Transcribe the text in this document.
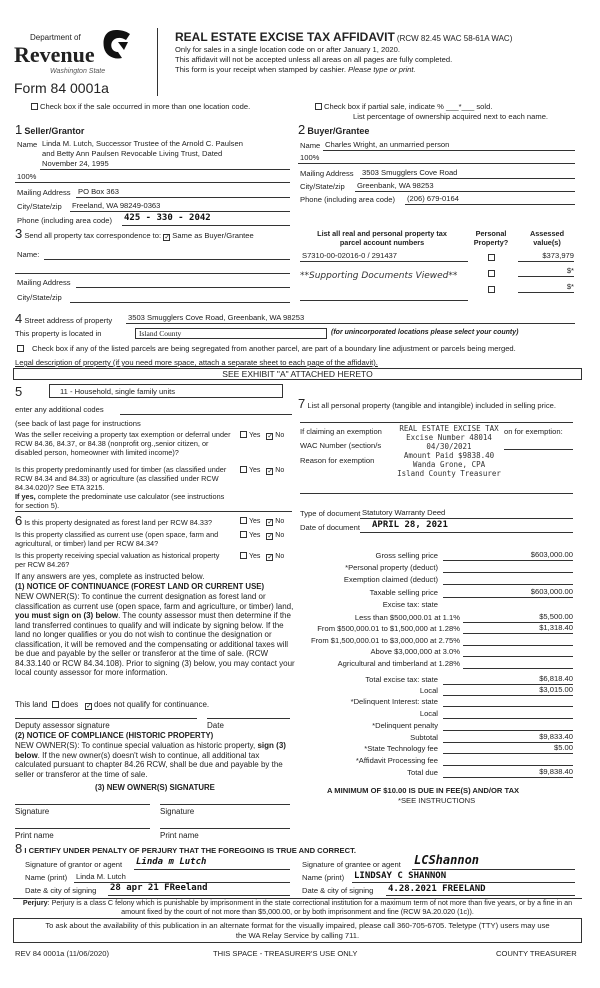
Department of
Revenue
Washington State
Form 84 0001a
REAL ESTATE EXCISE TAX AFFIDAVIT (RCW 82.45 WAC 58-61A WAC)
Only for sales in a single location code on or after January 1, 2020.
This affidavit will not be accepted unless all areas on all pages are fully completed.
This form is your receipt when stamped by cashier. Please type or print.
Check box if the sale occurred in more than one location code.	Check box if partial sale, indicate % ___*___ sold.
List percentage of ownership acquired next to each name.
1 Seller/Grantor
Name Linda M. Lutch, Successor Trustee of the Arnold C. Paulsen
and Betty Ann Paulsen Revocable Living Trust, Dated
November 24, 1995
100%
Mailing Address PO Box 363
City/State/zip Freeland, WA 98249-0363
Phone (including area code) 425 - 330 - 2042
2 Buyer/Grantee
Name Charles Wright, an unmarried person
100%
Mailing Address 3503 Smugglers Cove Road
City/State/zip Greenbank, WA 98253
Phone (including area code) (206) 679-0164
3 Send all property tax correspondence to: ✓ Same as Buyer/Grantee
Name:
Mailing Address
City/State/zip
List all real and personal property tax
parcel account numbers
Personal
Property?
Assessed
value(s)
S7310-00-02016-0 / 291437	$373,979
**Supporting Documents Viewed**
$*
$*
4 Street address of property 3503 Smugglers Cove Road, Greenbank, WA 98253
This property is located in	Island County	(for unincorporated locations please select your county)
Check box if any of the listed parcels are being segregated from another parcel, are part of a boundary line adjustment or parcels being merged.
Legal description of property (if you need more space, attach a separate sheet to each page of the affidavit).
SEE EXHIBIT "A" ATTACHED HERETO
5	11 - Household, single family units
enter any additional codes
(see back of last page for instructions
Was the seller receiving a property tax exemption or deferral under RCW 84.36, 84.37, or 84.38 (nonprofit org.,senior citizen, or disabled person, homeowner with limited income)?
Yes ✓ No
Is this property predominantly used for timber (as classified under RCW 84.34 and 84.33) or agriculture (as classified under RCW 84.34.020)? See ETA 3215.
Yes ✓ No
If yes, complete the predominate use calculator (see instructions for section 5).
6 Is this property designated as forest land per RCW 84.33?
Is this property classified as current use (open space, farm and agricultural, or timber) land per RCW 84.34?
Is this property receiving special valuation as historical property per RCW 84.26?
Yes ✓ No
Yes ✓ No
Yes ✓ No
If any answers are yes, complete as instructed below.
(1) NOTICE OF CONTINUANCE (FOREST LAND OR CURRENT USE)
NEW OWNER(S): To continue the current designation as forest land or classification as current use (open space, farm and agriculture, or timber) land, you must sign on (3) below. The county assessor must then determine if the land transferred continues to qualify and will indicate by signing below. If the land no longer qualifies or you do not wish to continue the designation or classification, it will be removed and the compensating or additional taxes will be due and payable by the seller or transferor at the time of sale. (RCW 84.33.140 or RCW 84.34.108). Prior to signing (3) below, you may contact your local county assessor for more information.
This land does ✓ does not qualify for continuance.
Deputy assessor signature	Date
(2) NOTICE OF COMPLIANCE (HISTORIC PROPERTY)
NEW OWNER(S): To continue special valuation as historic property, sign (3) below. If the new owner(s) doesn't wish to continue, all additional tax calculated pursuant to chapter 84.26 RCW, shall be due and payable by the seller or transferor at the time of sale.
(3) NEW OWNER(S) SIGNATURE
Signature	Signature
Print name	Print name
7 List all personal property (tangible and intangible) included in selling price.
If claiming an exemption	on for exemption:
WAC Number (section/s
Reason for exemption
REAL ESTATE EXCISE TAX
Excise Number 48014
04/30/2021
Amount Paid $9838.40
Wanda Grone, CPA
Island County Treasurer
Type of document Statutory Warranty Deed
Date of document	APRIL 28, 2021
Gross selling price	$603,000.00
*Personal property (deduct)
Exemption claimed (deduct)
Taxable selling price	$603,000.00
Excise tax: state
Less than $500,000.01 at 1.1%	$5,500.00
From $500,000.01 to $1,500,000 at 1.28%	$1,318.40
From $1,500,000.01 to $3,000,000 at 2.75%
Above $3,000,000 at 3.0%
Agricultural and timberland at 1.28%
Total excise tax: state	$6,818.40
Local	$3,015.00
*Delinquent Interest: state
Local
*Delinquent penalty
Subtotal	$9,833.40
*State Technology fee	$5.00
*Affidavit Processing fee
Total due	$9,838.40
A MINIMUM OF $10.00 IS DUE IN FEE(S) AND/OR TAX
*SEE INSTRUCTIONS
8 I CERTIFY UNDER PENALTY OF PERJURY THAT THE FOREGOING IS TRUE AND CORRECT.
Signature of grantor or agent Linda m Lutch
Name (print) Linda M. Lutch
Date & city of signing 28 apr 21 FReeland
Signature of grantee or agent LCShannon
Name (print) LINDSAY C SHANNON
Date & city of signing 4.28.2021 FREELAND
Perjury: Perjury is a class C felony which is punishable by imprisonment in the state correctional institution for a maximum term of not more than five years, or by a fine in an amount fixed by the court of not more than $5,000.00, or by both imprisonment and fine (RCW 9A.20.020 (1c)).
To ask about the availability of this publication in an alternate format for the visually impaired, please call 360-705-6705. Teletype (TTY) users may use the WA Relay Service by calling 711.
REV 84 0001a (11/06/2020)	THIS SPACE - TREASURER'S USE ONLY	COUNTY TREASURER
